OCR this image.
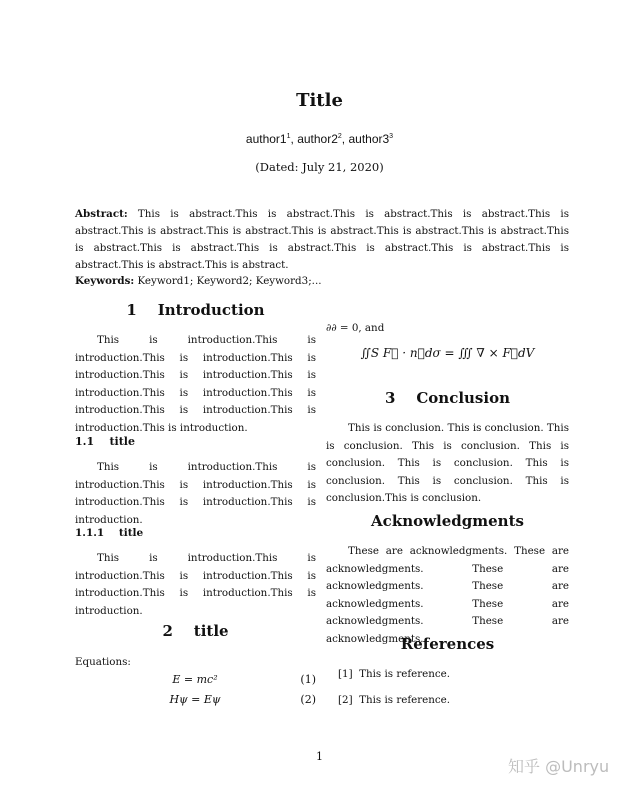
Title
$author1^1$, $author2^2$, $author3^3$
(Dated: July 21, 2020)
Abstract: This is abstract.This is abstract.This is abstract.This is abstract.This is abstract.This is abstract.This is abstract.This is abstract.This is abstract.This is abstract.This is abstract.This is abstract.This is abstract.This is abstract.This is abstract.This is abstract.This is abstract.This is abstract.
Keywords: Keyword1; Keyword2; Keyword3;...
1    Introduction
This is introduction.This is introduction.This is introduction.This is introduction.This is introduction.This is introduction.This is introduction.This is introduction.This is introduction.This is introduction.This is introduction.
1.1    title
This is introduction.This is introduction.This is introduction.This is introduction.This is introduction.This is introduction.
1.1.1    title
This is introduction.This is introduction.This is introduction.This is introduction.This is introduction.This is introduction.
2    title
Equations:
E = mc²	(1)
Hψ = Eψ	(2)
∂∂ = 0, and
∬S F⃗ · n⃗dσ = ∭ ∇ × F⃗dV
3    Conclusion
This is conclusion. This is conclusion. This is conclusion. This is conclusion. This is conclusion. This is conclusion. This is conclusion. This is conclusion. This is conclusion.This is conclusion.
Acknowledgments
These are acknowledgments. These are acknowledgments. These are acknowledgments. These are acknowledgments. These are acknowledgments. These are acknowledgments.
References
[1] This is reference.
[2] This is reference.
1
知乎 @Unryu
